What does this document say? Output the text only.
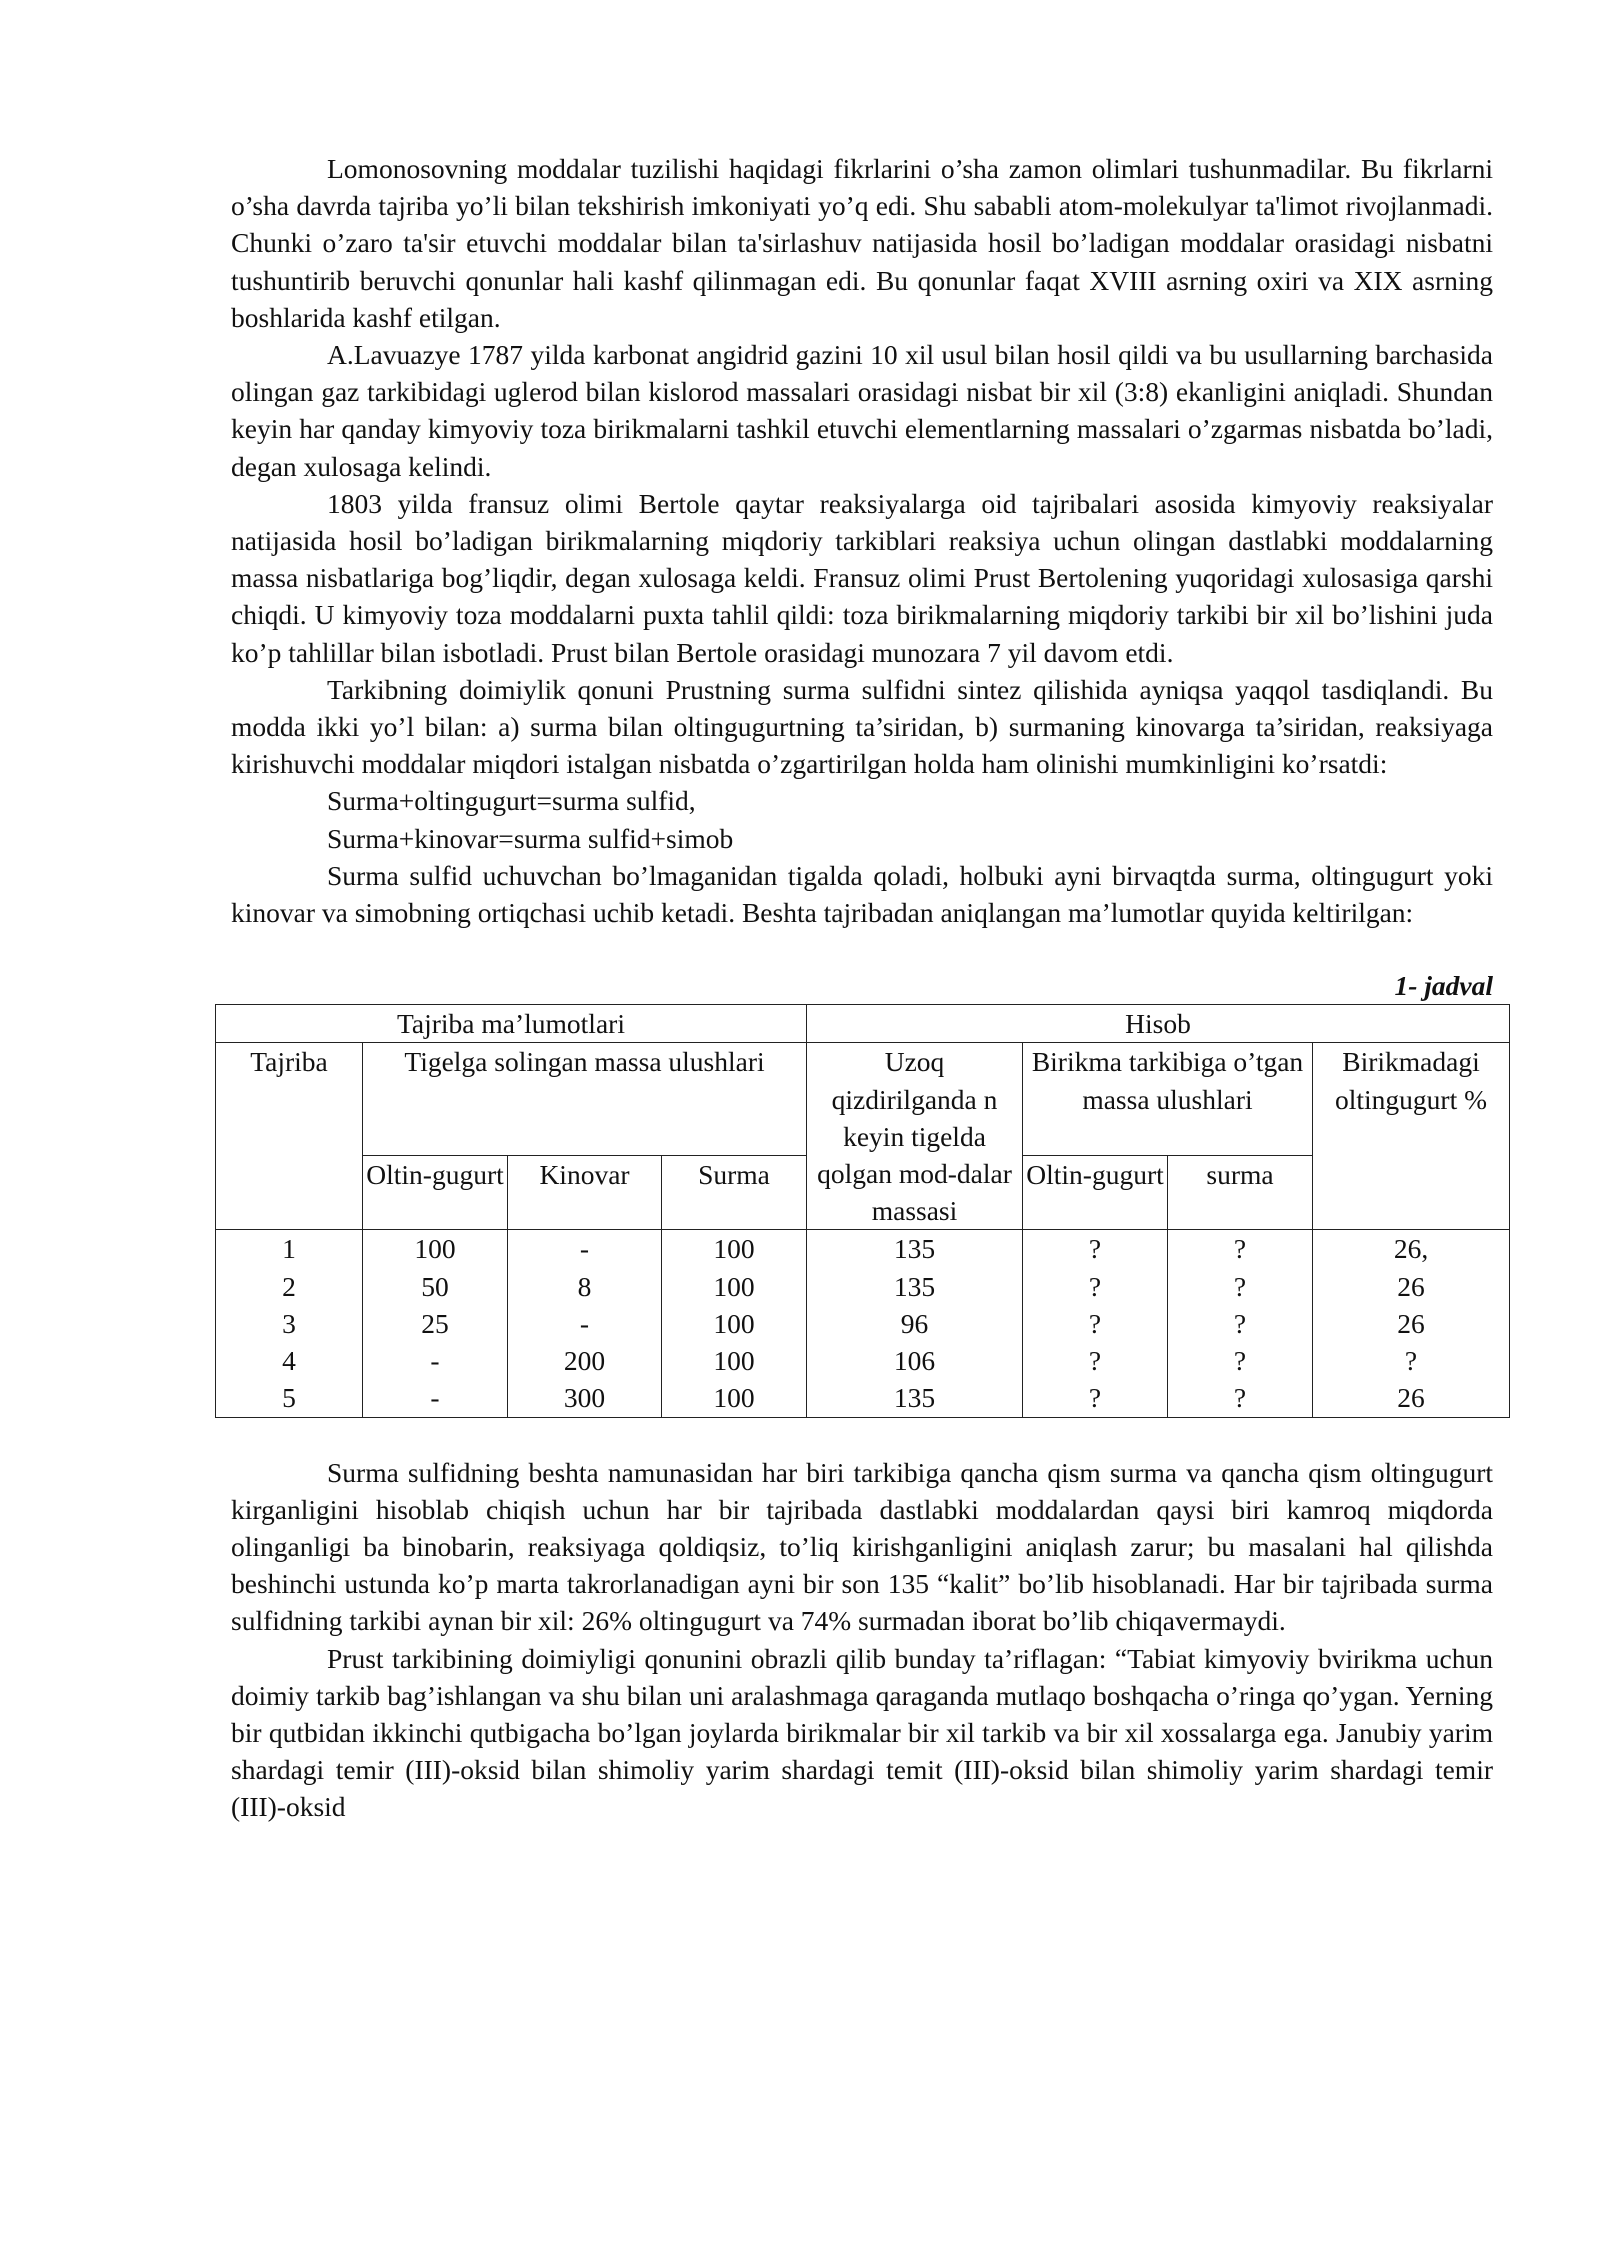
Lomonosovning moddalar tuzilishi haqidagi fikrlarini o’sha zamon olimlari tushunmadilar. Bu fikrlarni o’sha davrda tajriba yo’li bilan tekshirish imkoniyati yo’q edi. Shu sababli atom-molekulyar ta'limot rivojlanmadi. Chunki o’zaro ta'sir etuvchi moddalar bilan ta'sirlashuv natijasida hosil bo’ladigan moddalar orasidagi nisbatni tushuntirib beruvchi qonunlar hali kashf qilinmagan edi. Bu qonunlar faqat XVIII asrning oxiri va XIX asrning boshlarida kashf etilgan.

A.Lavuazye 1787 yilda karbonat angidrid gazini 10 xil usul bilan hosil qildi va bu usullarning barchasida olingan gaz tarkibidagi uglerod bilan kislorod massalari orasidagi nisbat bir xil (3:8) ekanligini aniqladi. Shundan keyin har qanday kimyoviy toza birikmalarni tashkil etuvchi elementlarning massalari o’zgarmas nisbatda bo’ladi, degan xulosaga kelindi.

1803 yilda fransuz olimi Bertole qaytar reaksiyalarga oid tajribalari asosida kimyoviy reaksiyalar natijasida hosil bo’ladigan birikmalarning miqdoriy tarkiblari reaksiya uchun olingan dastlabki moddalarning massa nisbatlariga bog’liqdir, degan xulosaga keldi. Fransuz olimi Prust Bertolening yuqoridagi xulosasiga qarshi chiqdi. U kimyoviy toza moddalarni puxta tahlil qildi: toza birikmalarning miqdoriy tarkibi bir xil bo’lishini juda ko’p tahlillar bilan isbotladi. Prust bilan Bertole orasidagi munozara 7 yil davom etdi.

Tarkibning doimiylik qonuni Prustning surma sulfidni sintez qilishida ayniqsa yaqqol tasdiqlandi. Bu modda ikki yo’l bilan: a) surma bilan oltingugurtning ta’siridan, b) surmaning kinovarga ta’siridan, reaksiyaga kirishuvchi moddalar miqdori istalgan nisbatda o’zgartirilgan holda ham olinishi mumkinligini ko’rsatdi:

Surma+oltingugurt=surma sulfid,

Surma+kinovar=surma sulfid+simob

Surma sulfid uchuvchan bo’lmaganidan tigalda qoladi, holbuki ayni birvaqtda surma, oltingugurt yoki kinovar va simobning ortiqchasi uchib ketadi. Beshta tajribadan aniqlangan ma’lumotlar quyida keltirilgan:

1- jadval

Tajriba ma’lumotlari				Hisob			
Tajriba	Tigelga solingan massa ulushlari			Uzoq qizdirilganda n keyin tigelda qolgan mod-dalar massasi	Birikma tarkibiga o’tgan massa ulushlari		Birikmadagi oltingugurt %
	Oltin-gugurt	Kinovar	Surma		Oltin-gugurt	surma	
1	100	-	100	135	?	?	26,
2	50	8	100	135	?	?	26
3	25	-	100	96	?	?	26
4	-	200	100	106	?	?	?
5	-	300	100	135	?	?	26

Surma sulfidning beshta namunasidan har biri tarkibiga qancha qism surma va qancha qism oltingugurt kirganligini hisoblab chiqish uchun har bir tajribada dastlabki moddalardan qaysi biri kamroq miqdorda olinganligi ba binobarin, reaksiyaga qoldiqsiz, to’liq kirishganligini aniqlash zarur; bu masalani hal qilishda beshinchi ustunda ko’p marta takrorlanadigan ayni bir son 135 “kalit” bo’lib hisoblanadi. Har bir tajribada surma sulfidning tarkibi aynan bir xil: 26% oltingugurt va 74% surmadan iborat bo’lib chiqavermaydi.

Prust tarkibining doimiyligi qonunini obrazli qilib bunday ta’riflagan: “Tabiat kimyoviy bvirikma uchun doimiy tarkib bag’ishlangan va shu bilan uni aralashmaga qaraganda mutlaqo boshqacha o’ringa qo’ygan. Yerning bir qutbidan ikkinchi qutbigacha bo’lgan joylarda birikmalar bir xil tarkib va bir xil xossalarga ega. Janubiy yarim shardagi temir (III)-oksid bilan shimoliy yarim shardagi temit (III)-oksid bilan shimoliy yarim shardagi temir (III)-oksid
